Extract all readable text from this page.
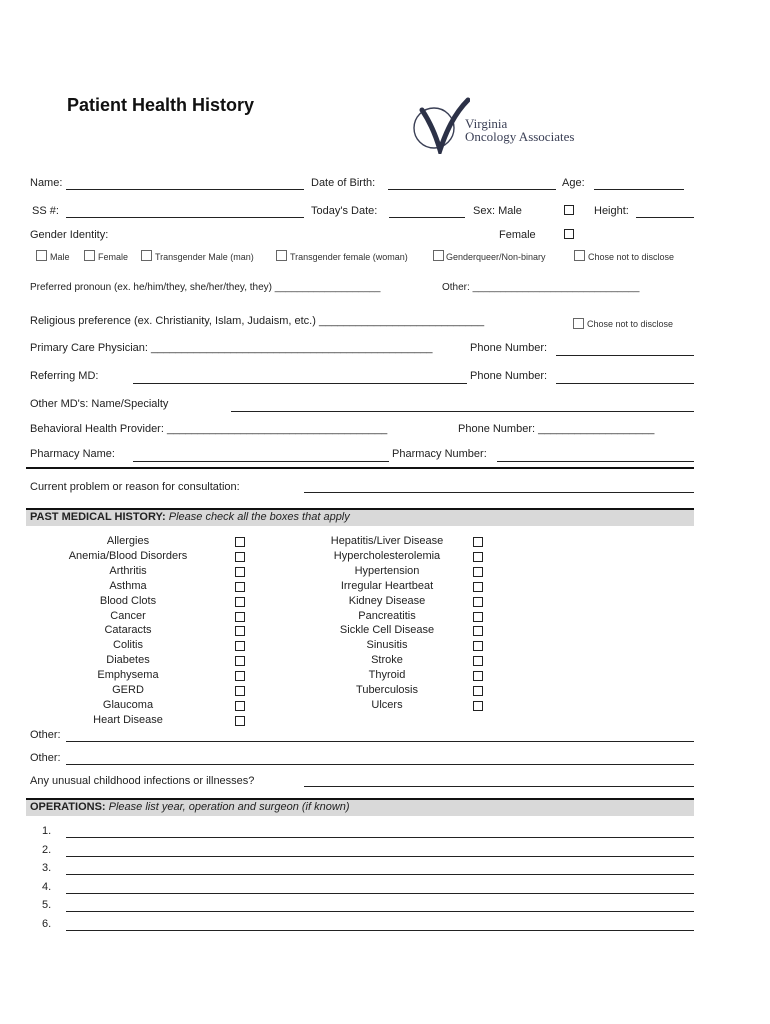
Patient Health History
Virginia
Oncology Associates
Name:	Date of Birth:	Age:
SS #:	Today's Date:	Sex: Male	Height:
Gender Identity:	Female
Male	Female	Transgender Male (man)	Transgender female (woman)	Genderqueer/Non-binary	Chose not to disclose
Preferred pronoun (ex. he/him/they, she/her/they, they) ___________________	Other: ______________________________
Religious preference (ex. Christianity, Islam, Judaism, etc.) ___________________________	Chose not to disclose
Primary Care Physician: ______________________________________________	Phone Number:
Referring MD:	Phone Number:
Other MD's: Name/Specialty
Behavioral Health Provider: ____________________________________	Phone Number: ___________________
Pharmacy Name:	Pharmacy Number:
Current problem or reason for consultation:
PAST MEDICAL HISTORY: Please check all the boxes that apply
Allergies
Anemia/Blood Disorders
Arthritis
Asthma
Blood Clots
Cancer
Cataracts
Colitis
Diabetes
Emphysema
GERD
Glaucoma
Heart Disease
Hepatitis/Liver Disease
Hypercholesterolemia
Hypertension
Irregular Heartbeat
Kidney Disease
Pancreatitis
Sickle Cell Disease
Sinusitis
Stroke
Thyroid
Tuberculosis
Ulcers
Other:
Other:
Any unusual childhood infections or illnesses?
OPERATIONS: Please list year, operation and surgeon (if known)
1.
2.
3.
4.
5.
6.
